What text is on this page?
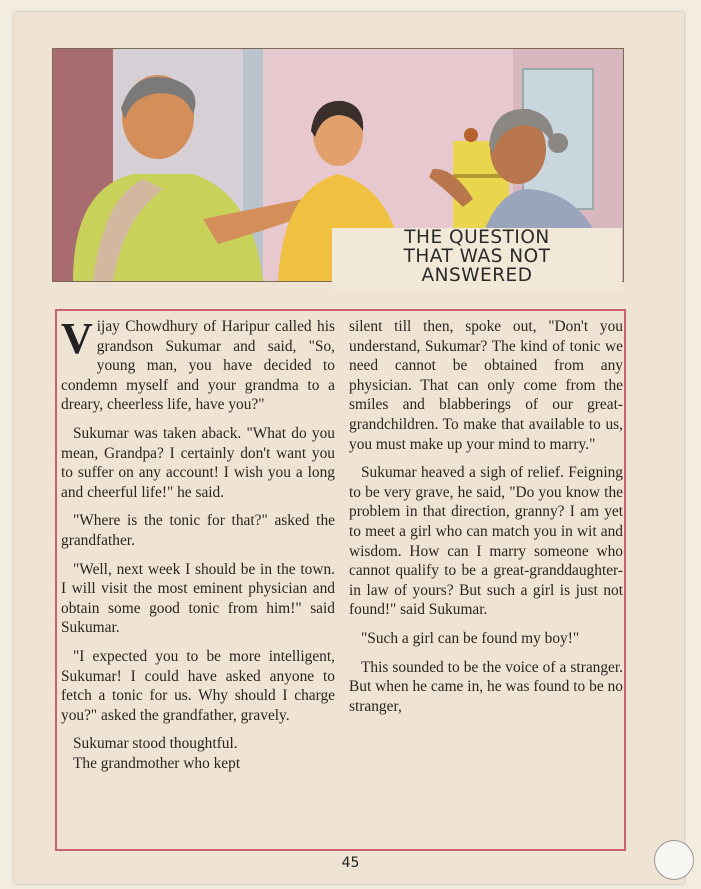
THE QUESTION
THAT WAS NOT
ANSWERED

Vijay Chowdhury of Haripur called his grandson Sukumar and said, "So, young man, you have decided to condemn myself and your grandma to a dreary, cheerless life, have you?"

Sukumar was taken aback. "What do you mean, Grandpa? I certainly don't want you to suffer on any account! I wish you a long and cheerful life!" he said.

"Where is the tonic for that?" asked the grandfather.

"Well, next week I should be in the town. I will visit the most eminent physician and obtain some good tonic from him!" said Sukumar.

"I expected you to be more intelligent, Sukumar! I could have asked anyone to fetch a tonic for us. Why should I charge you?" asked the grandfather, gravely.

Sukumar stood thoughtful.

The grandmother who kept

silent till then, spoke out, "Don't you understand, Sukumar? The kind of tonic we need cannot be obtained from any physician. That can only come from the smiles and blabberings of our great-grandchildren. To make that available to us, you must make up your mind to marry."

Sukumar heaved a sigh of relief. Feigning to be very grave, he said, "Do you know the problem in that direction, granny? I am yet to meet a girl who can match you in wit and wisdom. How can I marry someone who cannot qualify to be a great-granddaughter-in law of yours? But such a girl is just not found!" said Sukumar.

"Such a girl can be found my boy!"

This sounded to be the voice of a stranger. But when he came in, he was found to be no stranger,

45
